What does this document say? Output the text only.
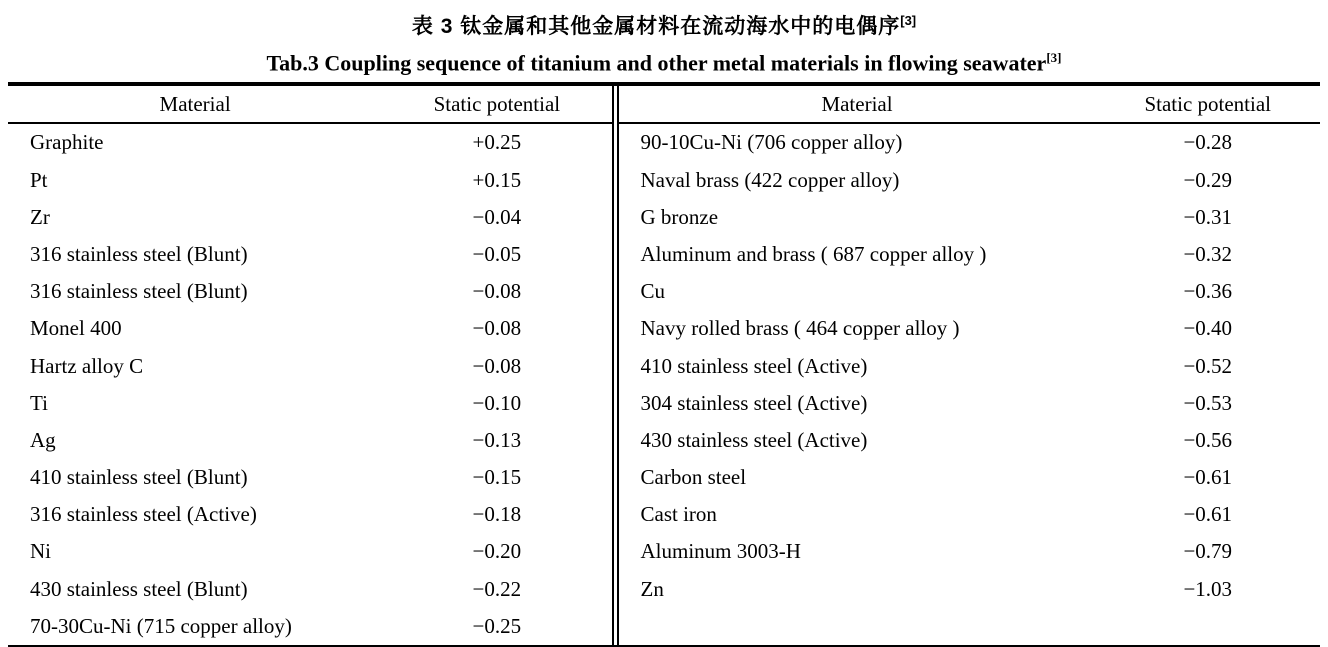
表 3 钛金属和其他金属材料在流动海水中的电偶序[3]
Tab.3 Coupling sequence of titanium and other metal materials in flowing seawater[3]
Material	Static potential
Graphite	+0.25
Pt	+0.15
Zr	−0.04
316 stainless steel (Blunt)	−0.05
316 stainless steel (Blunt)	−0.08
Monel 400	−0.08
Hartz alloy C	−0.08
Ti	−0.10
Ag	−0.13
410 stainless steel (Blunt)	−0.15
316 stainless steel (Active)	−0.18
Ni	−0.20
430 stainless steel (Blunt)	−0.22
70-30Cu-Ni (715 copper alloy)	−0.25
Material	Static potential
90-10Cu-Ni (706 copper alloy)	−0.28
Naval brass (422 copper alloy)	−0.29
G bronze	−0.31
Aluminum and brass ( 687 copper alloy )	−0.32
Cu	−0.36
Navy rolled brass ( 464 copper alloy )	−0.40
410 stainless steel (Active)	−0.52
304 stainless steel (Active)	−0.53
430 stainless steel (Active)	−0.56
Carbon steel	−0.61
Cast iron	−0.61
Aluminum 3003-H	−0.79
Zn	−1.03
